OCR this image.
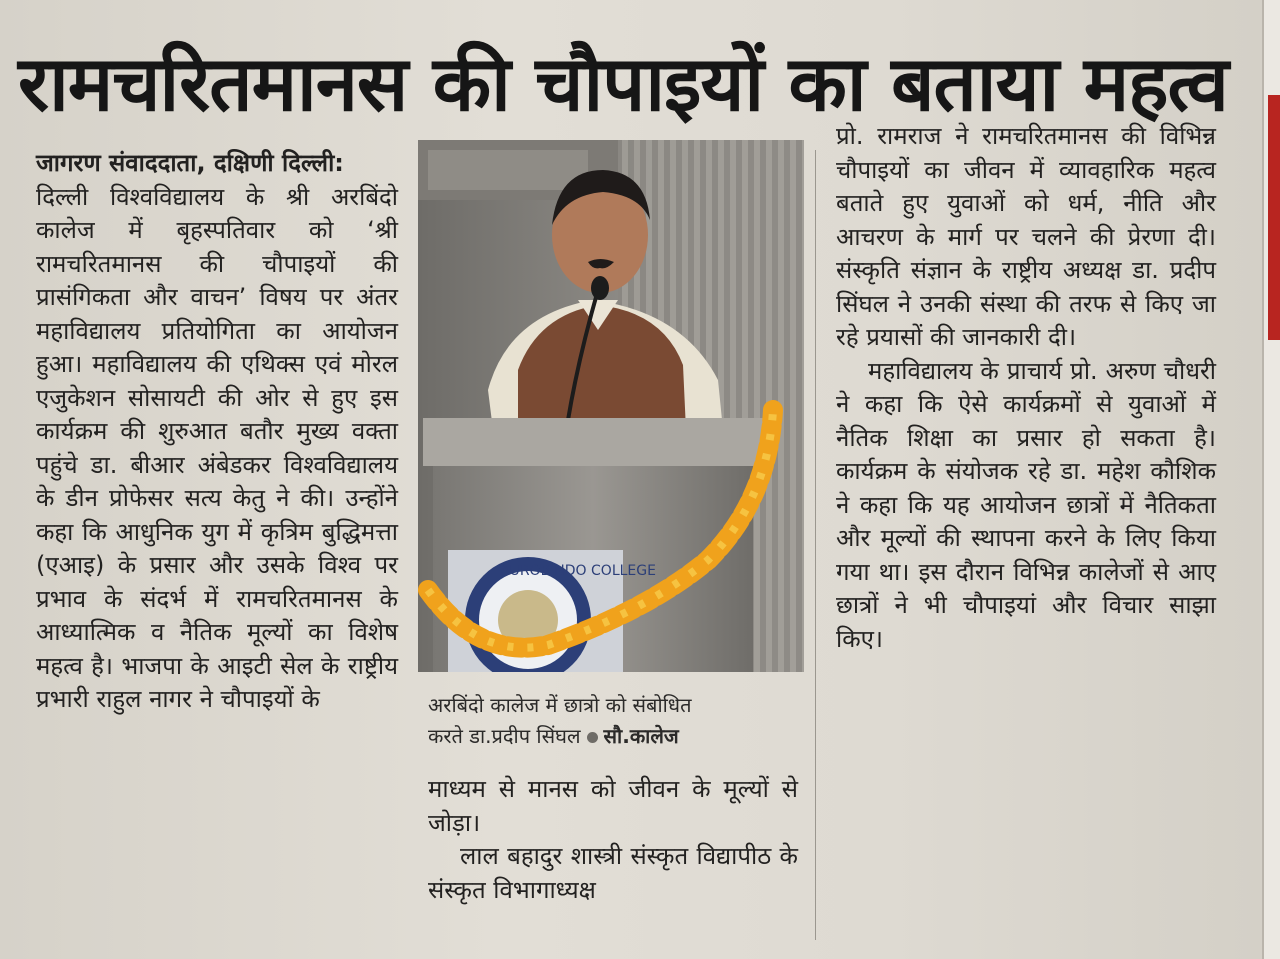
रामचरितमानस की चौपाइयों का बताया महत्व

जागरण संवाददाता, दक्षिणी दिल्ली:

दिल्ली विश्वविद्यालय के श्री अरबिंदो कालेज में बृहस्पतिवार को ‘श्री रामचरितमानस की चौपाइयों की प्रासंगिकता और वाचन’ विषय पर अंतर महाविद्यालय प्रतियोगिता का आयोजन हुआ। महाविद्यालय की एथिक्स एवं मोरल एजुकेशन सोसायटी की ओर से हुए इस कार्यक्रम की शुरुआत बतौर मुख्य वक्ता पहुंचे डा. बीआर अंबेडकर विश्वविद्यालय के डीन प्रोफेसर सत्य केतु ने की। उन्होंने कहा कि आधुनिक युग में कृत्रिम बुद्धिमत्ता (एआइ) के प्रसार और उसके विश्व पर प्रभाव के संदर्भ में रामचरितमानस के आध्यात्मिक व नैतिक मूल्यों का विशेष महत्व है। भाजपा के आइटी सेल के राष्ट्रीय प्रभारी राहुल नागर ने चौपाइयों के

AUROBINDO COLLEGE

अरबिंदो कालेज में छात्रो को संबोधित

करते डा.प्रदीप सिंघल सौ.कालेज

माध्यम से मानस को जीवन के मूल्यों से जोड़ा।

लाल बहादुर शास्त्री संस्कृत विद्यापीठ के संस्कृत विभागाध्यक्ष

प्रो. रामराज ने रामचरितमानस की विभिन्न चौपाइयों का जीवन में व्यावहारिक महत्व बताते हुए युवाओं को धर्म, नीति और आचरण के मार्ग पर चलने की प्रेरणा दी। संस्कृति संज्ञान के राष्ट्रीय अध्यक्ष डा. प्रदीप सिंघल ने उनकी संस्था की तरफ से किए जा रहे प्रयासों की जानकारी दी।

महाविद्यालय के प्राचार्य प्रो. अरुण चौधरी ने कहा कि ऐसे कार्यक्रमों से युवाओं में नैतिक शिक्षा का प्रसार हो सकता है। कार्यक्रम के संयोजक रहे डा. महेश कौशिक ने कहा कि यह आयोजन छात्रों में नैतिकता और मूल्यों की स्थापना करने के लिए किया गया था। इस दौरान विभिन्न कालेजों से आए छात्रों ने भी चौपाइयां और विचार साझा किए।
